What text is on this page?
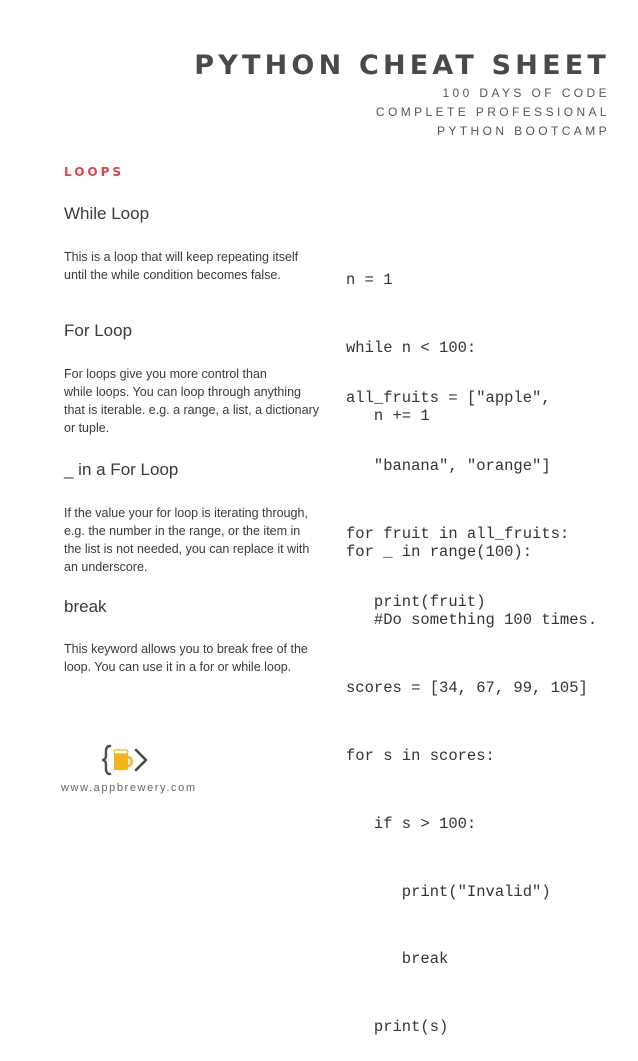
PYTHON CHEAT SHEET
100 DAYS OF CODE
COMPLETE PROFESSIONAL
PYTHON BOOTCAMP
LOOPS
While Loop
This is a loop that will keep repeating itself
until the while condition becomes false.

	n = 1

while n < 100:

n += 1

For Loop
For loops give you more control than
while loops. You can loop through anything
that is iterable. e.g. a range, a list, a dictionary
or tuple.

all_fruits = ["apple",

"banana", "orange"]

for fruit in all_fruits:

print(fruit)

_ in a For Loop
If the value your for loop is iterating through,
e.g. the number in the range, or the item in
the list is not needed, you can replace it with
an underscore.

for _ in range(100):

#Do something 100 times.

break
This keyword allows you to break free of the
loop. You can use it in a for or while loop.

scores = [34, 67, 99, 105]

for s in scores:

if s > 100:

print("Invalid")

break

print(s)

www.appbrewery.com
